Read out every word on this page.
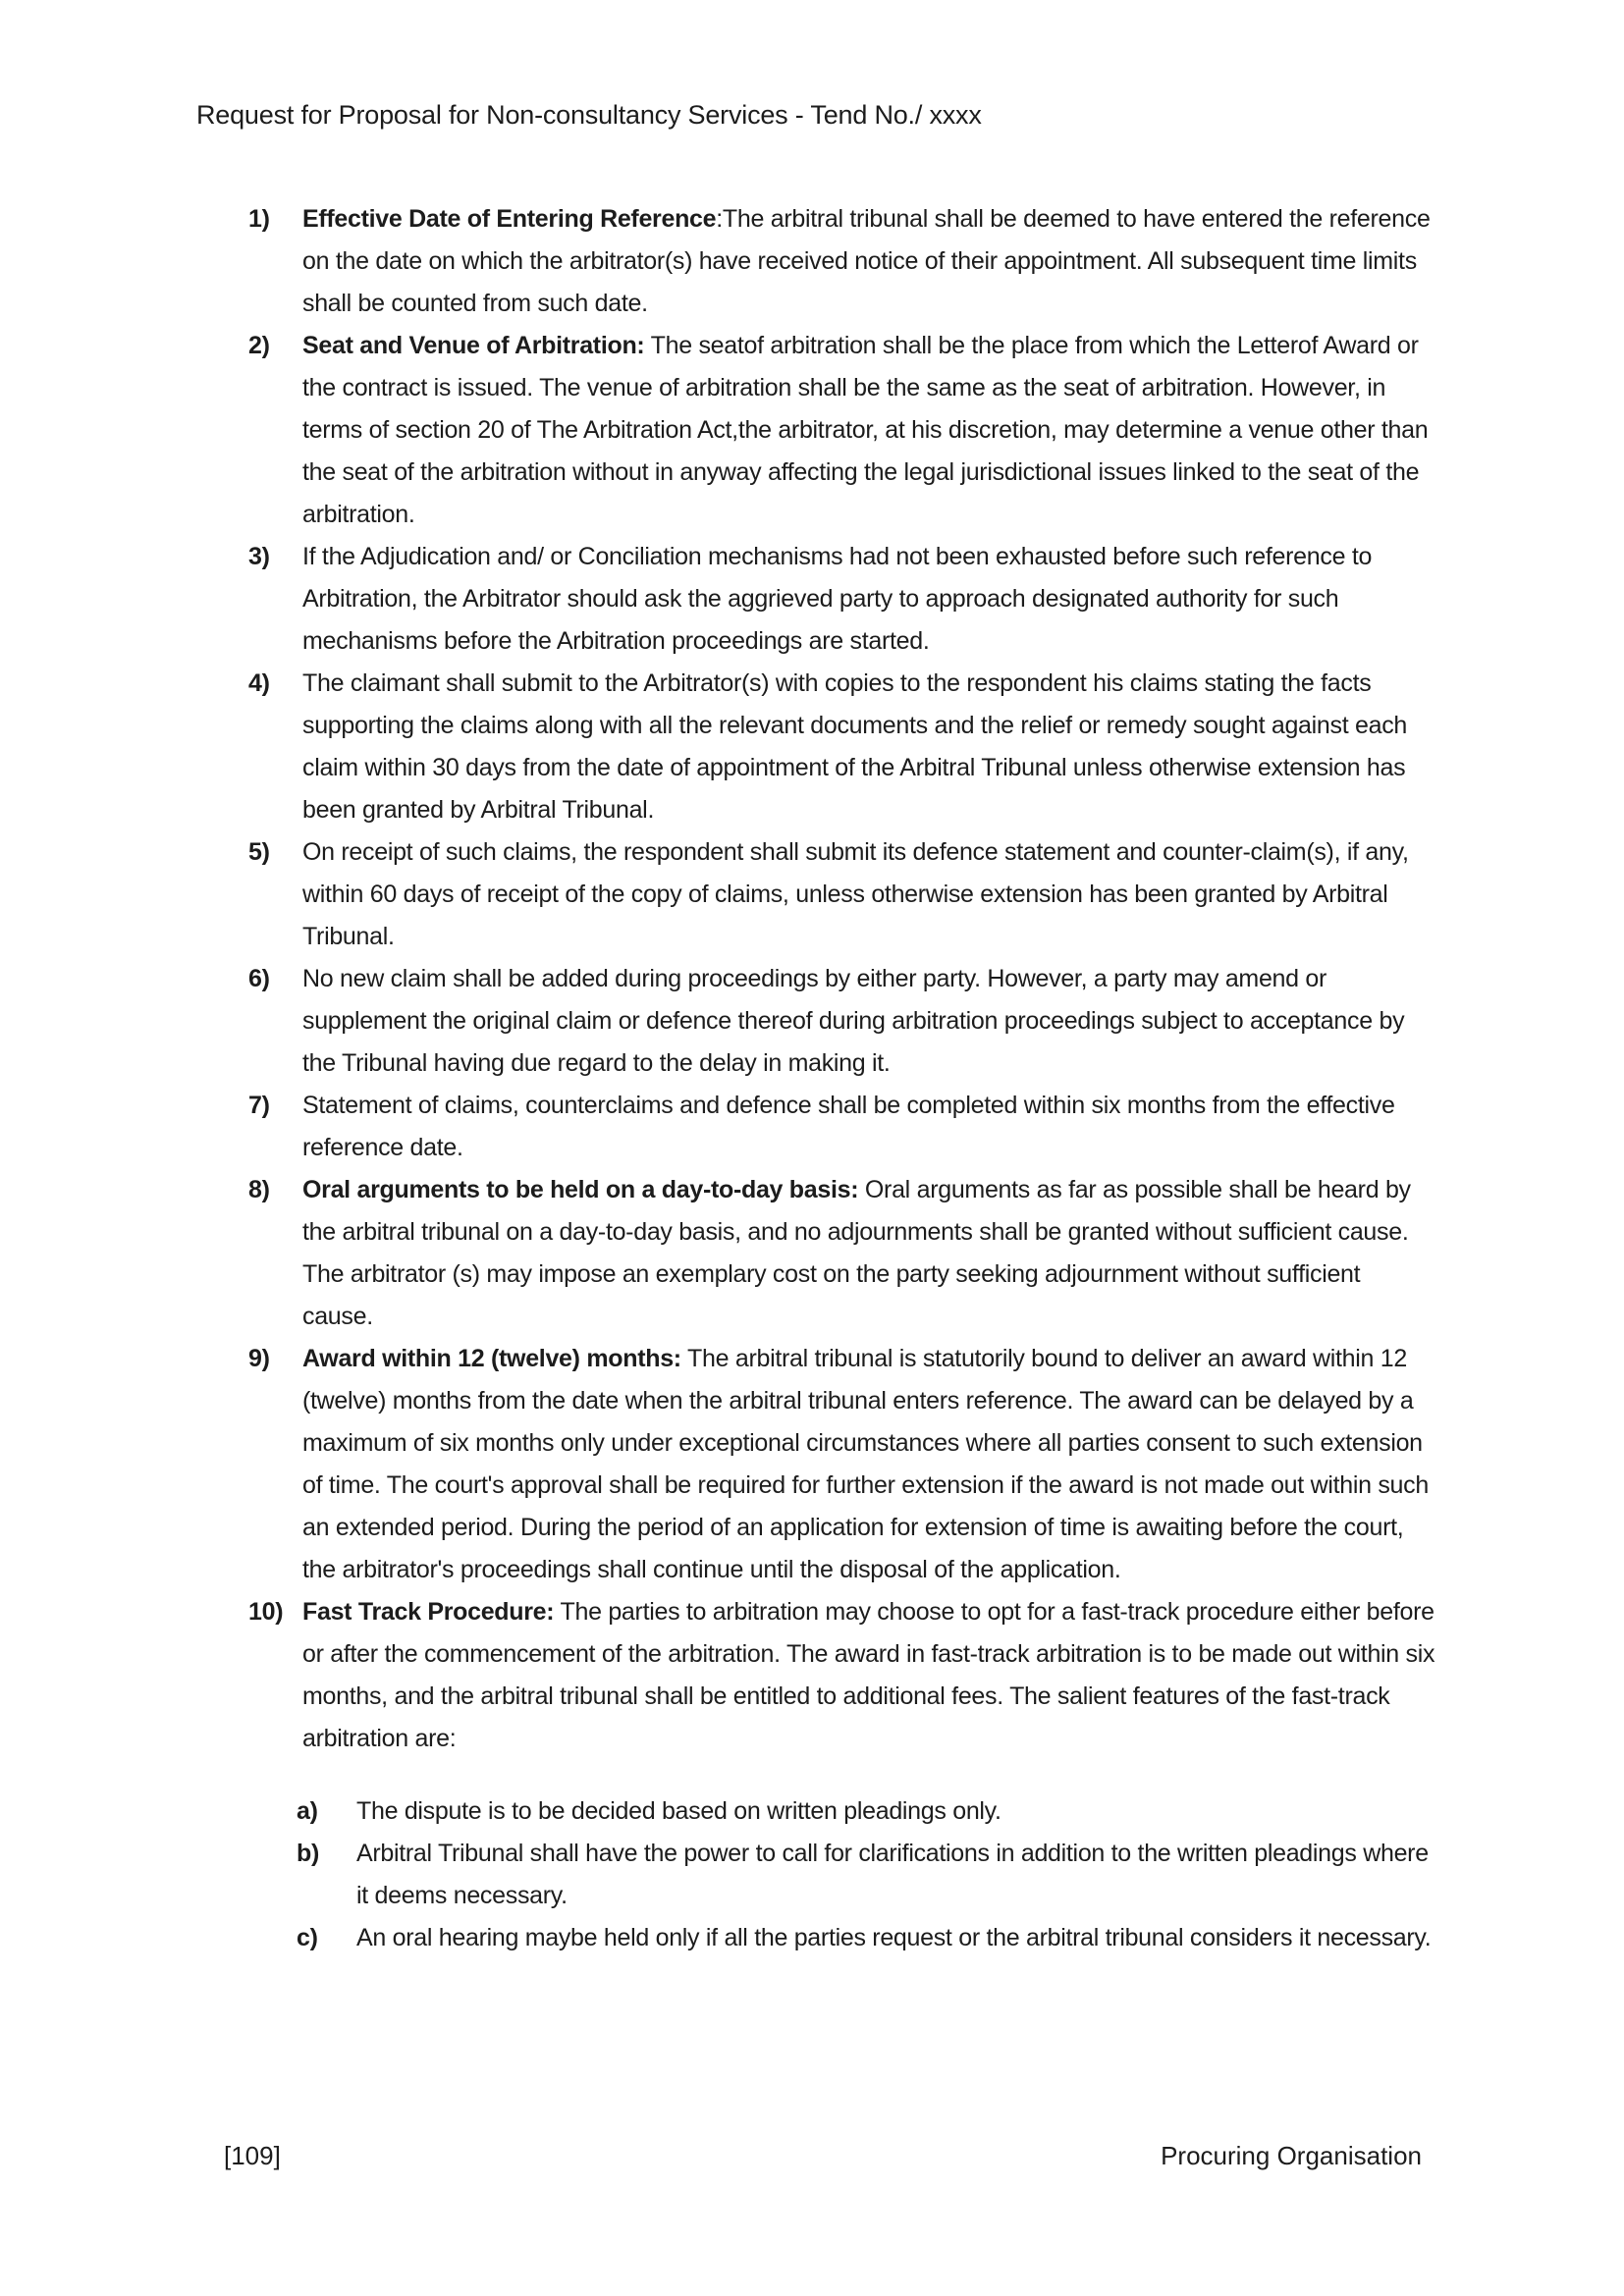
Request for Proposal for Non-consultancy Services - Tend No./ xxxx
1)	Effective Date of Entering Reference:The arbitral tribunal shall be deemed to have entered the reference on the date on which the arbitrator(s) have received notice of their appointment. All subsequent time limits shall be counted from such date.

2)	Seat and Venue of Arbitration: The seatof arbitration shall be the place from which the Letterof Award or the contract is issued. The venue of arbitration shall be the same as the seat of arbitration. However, in terms of section 20 of The Arbitration Act,the arbitrator, at his discretion, may determine a venue other than the seat of the arbitration without in anyway affecting the legal jurisdictional issues linked to the seat of the arbitration.

3)	If the Adjudication and/ or Conciliation mechanisms had not been exhausted before such reference to Arbitration, the Arbitrator should ask the aggrieved party to approach designated authority for such mechanisms before the Arbitration proceedings are started.

4)	The claimant shall submit to the Arbitrator(s) with copies to the respondent his claims stating the facts supporting the claims along with all the relevant documents and the relief or remedy sought against each claim within 30 days from the date of appointment of the Arbitral Tribunal unless otherwise extension has been granted by Arbitral Tribunal.

5)	On receipt of such claims, the respondent shall submit its defence statement and counter-claim(s), if any, within 60 days of receipt of the copy of claims, unless otherwise extension has been granted by Arbitral Tribunal.

6)	No new claim shall be added during proceedings by either party. However, a party may amend or supplement the original claim or defence thereof during arbitration proceedings subject to acceptance by the Tribunal having due regard to the delay in making it.

7)	Statement of claims, counterclaims and defence shall be completed within six months from the effective reference date.

8)	Oral arguments to be held on a day-to-day basis: Oral arguments as far as possible shall be heard by the arbitral tribunal on a day-to-day basis, and no adjournments shall be granted without sufficient cause. The arbitrator (s) may impose an exemplary cost on the party seeking adjournment without sufficient cause.

9)	Award within 12 (twelve) months: The arbitral tribunal is statutorily bound to deliver an award within 12 (twelve) months from the date when the arbitral tribunal enters reference. The award can be delayed by a maximum of six months only under exceptional circumstances where all parties consent to such extension of time. The court's approval shall be required for further extension if the award is not made out within such an extended period. During the period of an application for extension of time is awaiting before the court, the arbitrator's proceedings shall continue until the disposal of the application.

10) Fast Track Procedure: The parties to arbitration may choose to opt for a fast-track procedure either before or after the commencement of the arbitration. The award in fast-track arbitration is to be made out within six months, and the arbitral tribunal shall be entitled to additional fees. The salient features of the fast-track arbitration are:

a)	The dispute is to be decided based on written pleadings only.

b)	Arbitral Tribunal shall have the power to call for clarifications in addition to the written pleadings where it deems necessary.

c)	An oral hearing maybe held only if all the parties request or the arbitral tribunal considers it necessary.

[109]	Procuring Organisation
